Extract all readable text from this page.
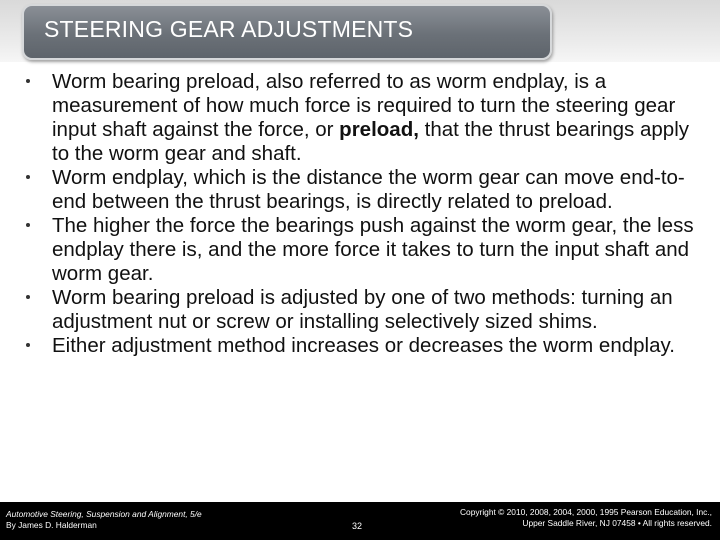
STEERING GEAR ADJUSTMENTS
Worm bearing preload, also referred to as worm endplay, is a measurement of how much force is required to turn the steering gear input shaft against the force, or preload, that the thrust bearings apply to the worm gear and shaft.
Worm endplay, which is the distance the worm gear can move end-to-end between the thrust bearings, is directly related to preload.
The higher the force the bearings push against the worm gear, the less endplay there is, and the more force it takes to turn the input shaft and worm gear.
Worm bearing preload is adjusted by one of two methods: turning an adjustment nut or screw or installing selectively sized shims.
Either adjustment method increases or decreases the worm endplay.
Automotive Steering, Suspension and Alignment, 5/e
By James D. Halderman	32
Copyright © 2010, 2008, 2004, 2000, 1995 Pearson Education, Inc.,
Upper Saddle River, NJ 07458 • All rights reserved.
